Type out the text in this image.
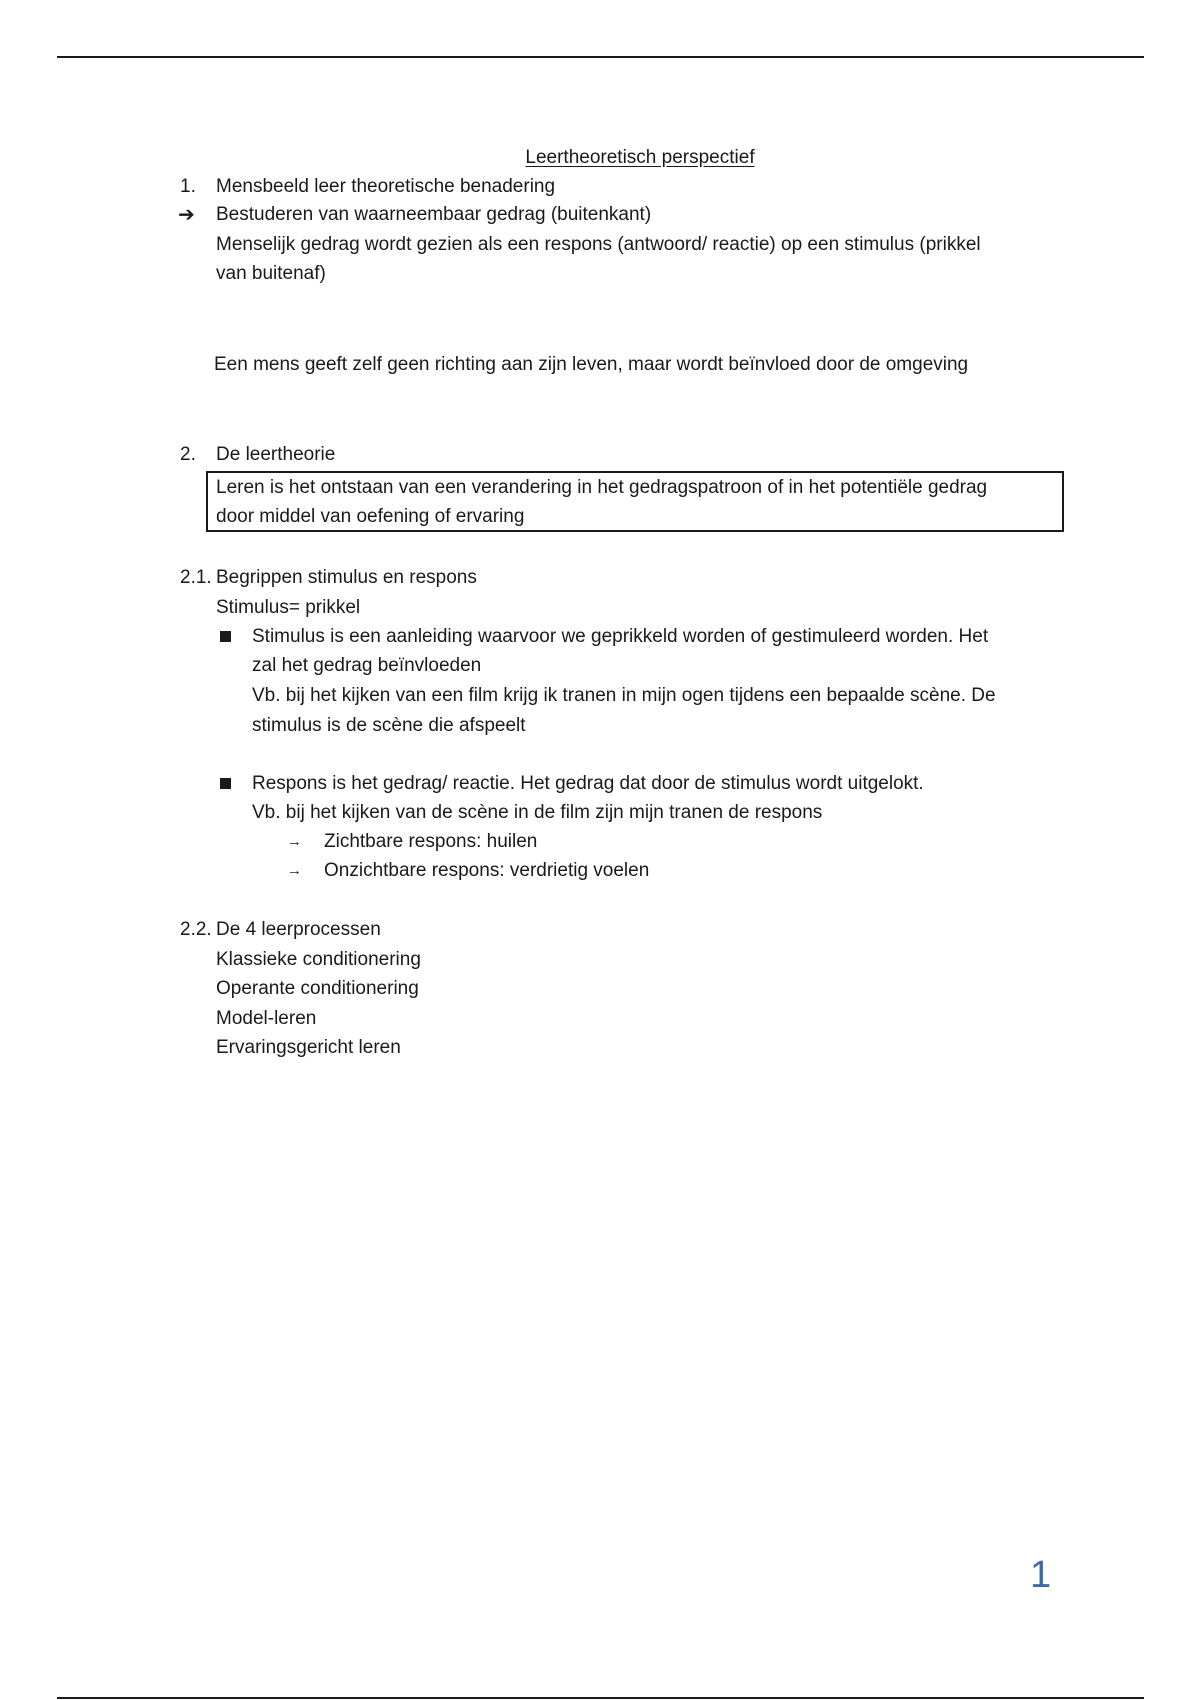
Leertheoretisch perspectief
1. Mensbeeld leer theoretische benadering
➔ Bestuderen van waarneembaar gedrag (buitenkant)
Menselijk gedrag wordt gezien als een respons (antwoord/ reactie) op een stimulus (prikkel
van buitenaf)
Een mens geeft zelf geen richting aan zijn leven, maar wordt beïnvloed door de omgeving
2. De leertheorie
Leren is het ontstaan van een verandering in het gedragspatroon of in het potentiële gedrag
door middel van oefening of ervaring
2.1. Begrippen stimulus en respons
Stimulus= prikkel
Stimulus is een aanleiding waarvoor we geprikkeld worden of gestimuleerd worden. Het
zal het gedrag beïnvloeden
Vb. bij het kijken van een film krijg ik tranen in mijn ogen tijdens een bepaalde scène. De
stimulus is de scène die afspeelt
Respons is het gedrag/ reactie. Het gedrag dat door de stimulus wordt uitgelokt.
Vb. bij het kijken van de scène in de film zijn mijn tranen de respons
→ Zichtbare respons: huilen
→ Onzichtbare respons: verdrietig voelen
2.2. De 4 leerprocessen
Klassieke conditionering
Operante conditionering
Model-leren
Ervaringsgericht leren
1
